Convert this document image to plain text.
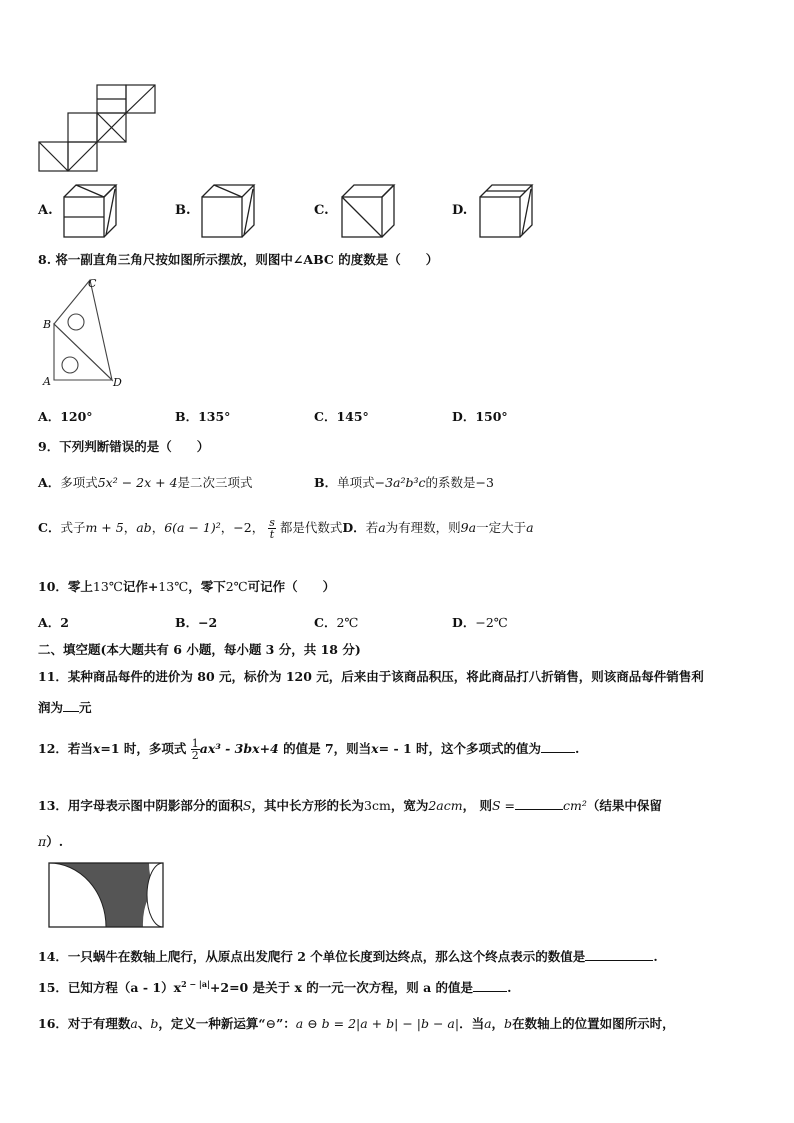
A.	B.	C.	D.
8. 将一副直角三角尺按如图所示摆放，则图中∠ABC 的度数是（　　）
C
B
A	D
A．120°	B．135°	C．145°	D．150°
9．下列判断错误的是（　　）
A．多项式5x² − 2x + 4是二次三项式	B．单项式−3a²b³c的系数是−3
C．式子m + 5，ab，6(a − 1)²，−2， $\frac{s}{t}$ 都是代数式D．若a为有理数，则9a一定大于a
10．零上13℃记作+13℃，零下2℃可记作（　　）
A．2	B．−2	C．2℃	D．−2℃
二、填空题(本大题共有 6 小题，每小题 3 分，共 18 分)
11．某种商品每件的进价为 80 元，标价为 120 元，后来由于该商品积压，将此商品打八折销售，则该商品每件销售利
润为 元
12．若当x=1 时，多项式 $\frac{1}{2} ax^3 - 3bx+4$ 的值是 7，则当x= - 1 时，这个多项式的值为	.
13．用字母表示图中阴影部分的面积S，其中长方形的长为3cm，宽为2acm， 则S =	cm²（结果中保留
π）.
14．一只蜗牛在数轴上爬行，从原点出发爬行 2 个单位长度到达终点，那么这个终点表示的数值是	.
15．已知方程$(a - 1)x^{2 - |a|}+2=0$ 是关于 x 的一元一次方程，则 a 的值是	.
16．对于有理数a、b，定义一种新运算“⊖”：a ⊖ b = 2|a + b| − |b − a|．当a，b在数轴上的位置如图所示时，
